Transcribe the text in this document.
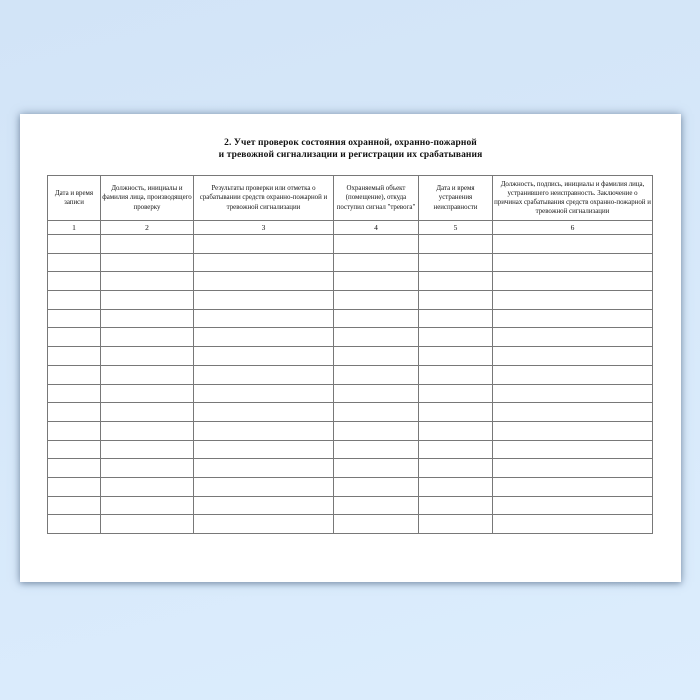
2. Учет проверок состояния охранной, охранно-пожарной
и тревожной сигнализации и регистрации их срабатывания
Дата и время записи	Должность, инициалы и фамилия лица, производящего проверку	Результаты проверки или отметка о срабатывании средств охранно-пожарной и тревожной сигнализации	Охраняемый объект (помещение), откуда поступил сигнал "тревога"	Дата и время устранения неисправности	Должность, подпись, инициалы и фамилия лица, устранившего неисправность. Заключение о причинах срабатывания средств охранно-пожарной и тревожной сигнализации
1	2	3	4	5	6
